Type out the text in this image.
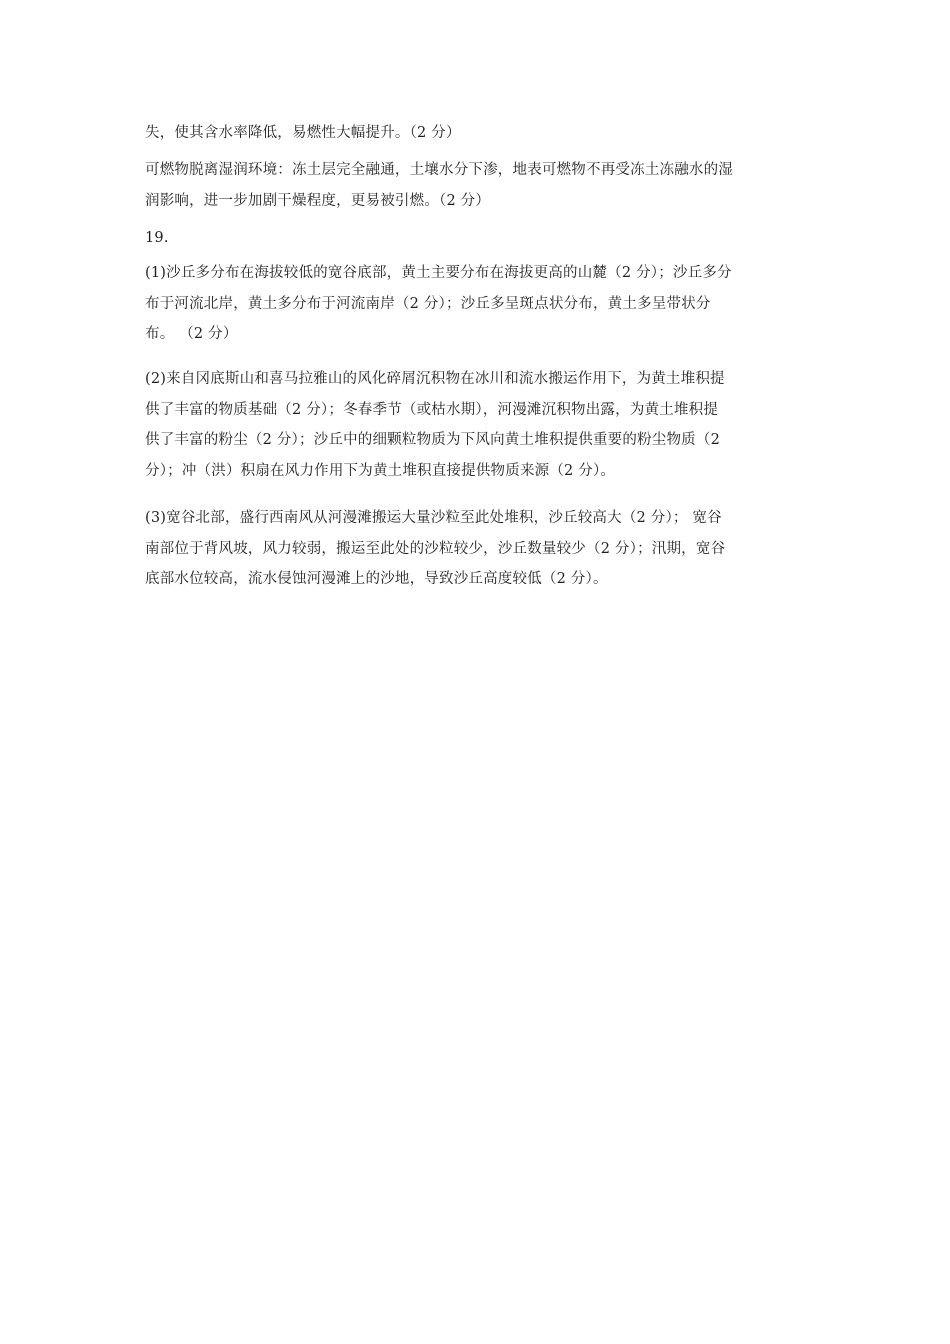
失，使其含水率降低，易燃性大幅提升。（2 分）
可燃物脱离湿润环境：冻土层完全融通，土壤水分下渗，地表可燃物不再受冻土冻融水的湿
润影响，进一步加剧干燥程度，更易被引燃。（2 分）
19.
(1)沙丘多分布在海拔较低的宽谷底部，黄土主要分布在海拔更高的山麓（2 分）；沙丘多分
布于河流北岸，黄土多分布于河流南岸（2 分）；沙丘多呈斑点状分布，黄土多呈带状分
布。 （2 分）
(2)来自冈底斯山和喜马拉雅山的风化碎屑沉积物在冰川和流水搬运作用下，为黄土堆积提
供了丰富的物质基础（2 分）；冬春季节（或枯水期），河漫滩沉积物出露，为黄土堆积提
供了丰富的粉尘（2 分）；沙丘中的细颗粒物质为下风向黄土堆积提供重要的粉尘物质（2
分）；冲（洪）积扇在风力作用下为黄土堆积直接提供物质来源（2 分）。
(3)宽谷北部，盛行西南风从河漫滩搬运大量沙粒至此处堆积，沙丘较高大（2 分）； 宽谷
南部位于背风坡，风力较弱，搬运至此处的沙粒较少，沙丘数量较少（2 分）；汛期，宽谷
底部水位较高，流水侵蚀河漫滩上的沙地，导致沙丘高度较低（2 分）。
